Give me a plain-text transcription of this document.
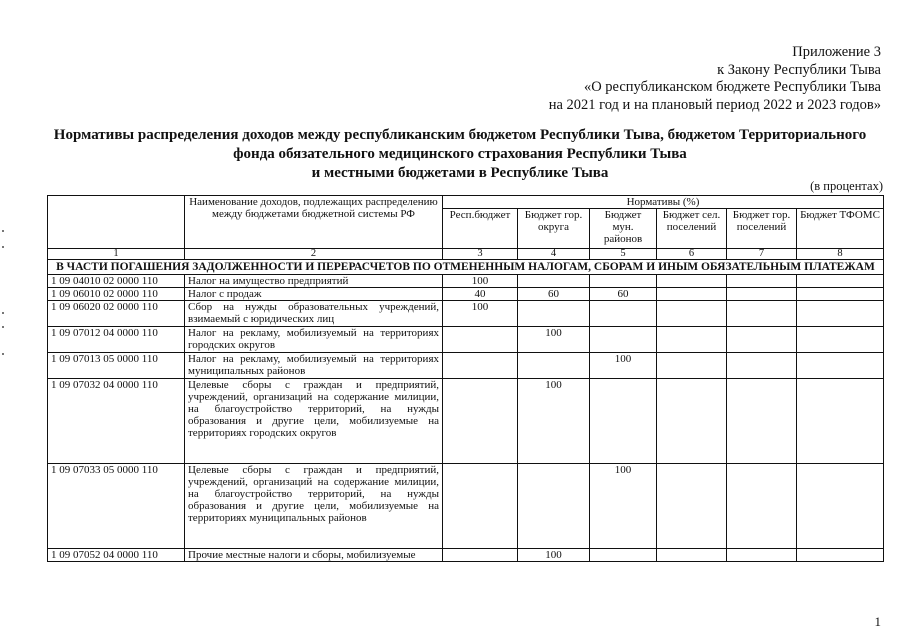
Приложение 3
к Закону Республики Тыва
«О республиканском бюджете Республики Тыва
на 2021 год и на плановый период 2022 и 2023 годов»
Нормативы распределения доходов между республиканским бюджетом Республики Тыва, бюджетом Территориального
фонда обязательного медицинского страхования Республики Тыва
и местными бюджетами в Республике Тыва
(в процентах)
	Наименование доходов, подлежащих распределению между бюджетами бюджетной системы РФ	Нормативы (%)					
		Респ.бюджет	Бюджет гор. округа	Бюджет мун. районов	Бюджет сел. поселений	Бюджет гор. поселений	Бюджет ТФОМС
1	2	3	4	5	6	7	8
В ЧАСТИ ПОГАШЕНИЯ ЗАДОЛЖЕННОСТИ И ПЕРЕРАСЧЕТОВ ПО ОТМЕНЕННЫМ НАЛОГАМ, СБОРАМ И ИНЫМ ОБЯЗАТЕЛЬНЫМ ПЛАТЕЖАМ							
1 09 04010 02 0000 110	Налог на имущество предприятий	100					
1 09 06010 02 0000 110	Налог с продаж	40	60	60			
1 09 06020 02 0000 110	Сбор на нужды образовательных учреждений, взимаемый с юридических лиц	100					
1 09 07012 04 0000 110	Налог на рекламу, мобилизуемый на территориях городских округов		100				
1 09 07013 05 0000 110	Налог на рекламу, мобилизуемый на территориях муниципальных районов			100			
1 09 07032 04 0000 110	Целевые сборы с граждан и предприятий, учреждений, организаций на содержание милиции, на благоустройство территорий, на нужды образования и другие цели, мобилизуемые на территориях городских округов		100				
1 09 07033 05 0000 110	Целевые сборы с граждан и предприятий, учреждений, организаций на содержание милиции, на благоустройство территорий, на нужды образования и другие цели, мобилизуемые на территориях муниципальных районов			100			
1 09 07052 04 0000 110	Прочие местные налоги и сборы, мобилизуемые		100				
1
